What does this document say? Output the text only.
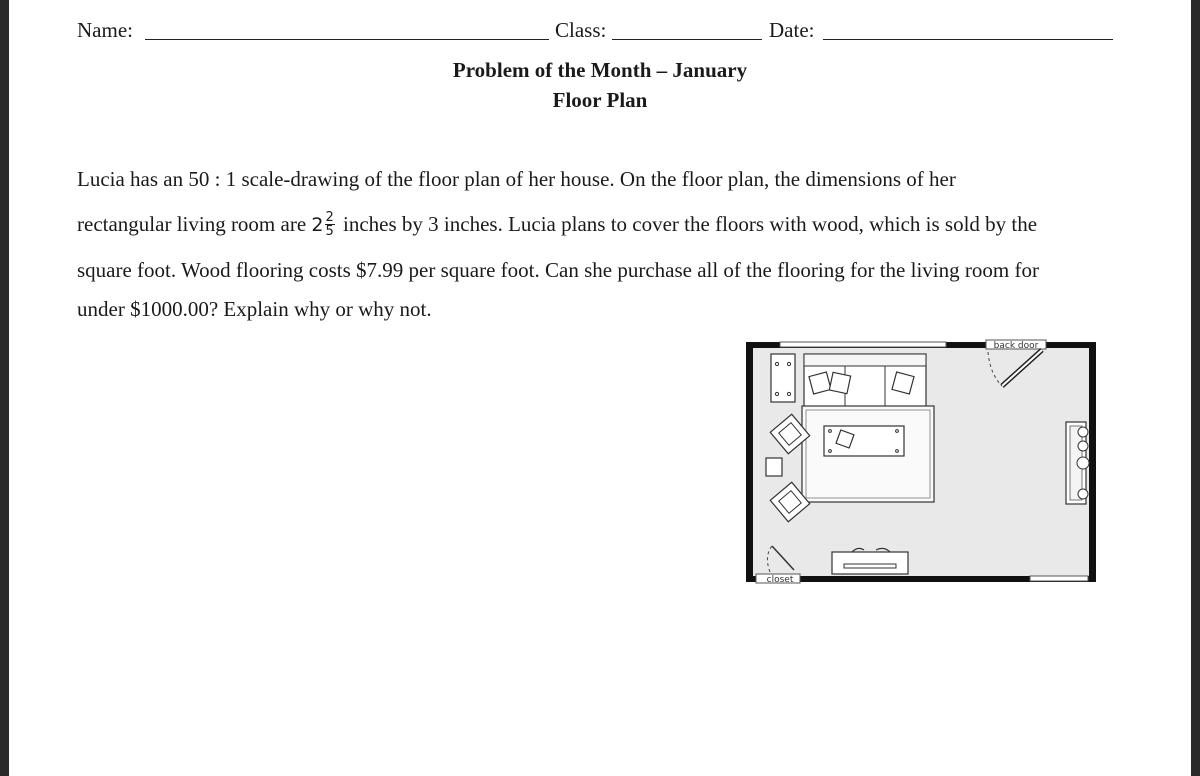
Name:	Class:	Date:
Problem of the Month – January
Floor Plan
Lucia has an 50 : 1 scale-drawing of the floor plan of her house. On the floor plan, the dimensions of her
rectangular living room are $2 \frac{2}{5}$ inches by 3 inches. Lucia plans to cover the floors with wood, which is sold by the
square foot. Wood flooring costs $7.99 per square foot. Can she purchase all of the flooring for the living room for
under $1000.00? Explain why or why not.
back door
closet
